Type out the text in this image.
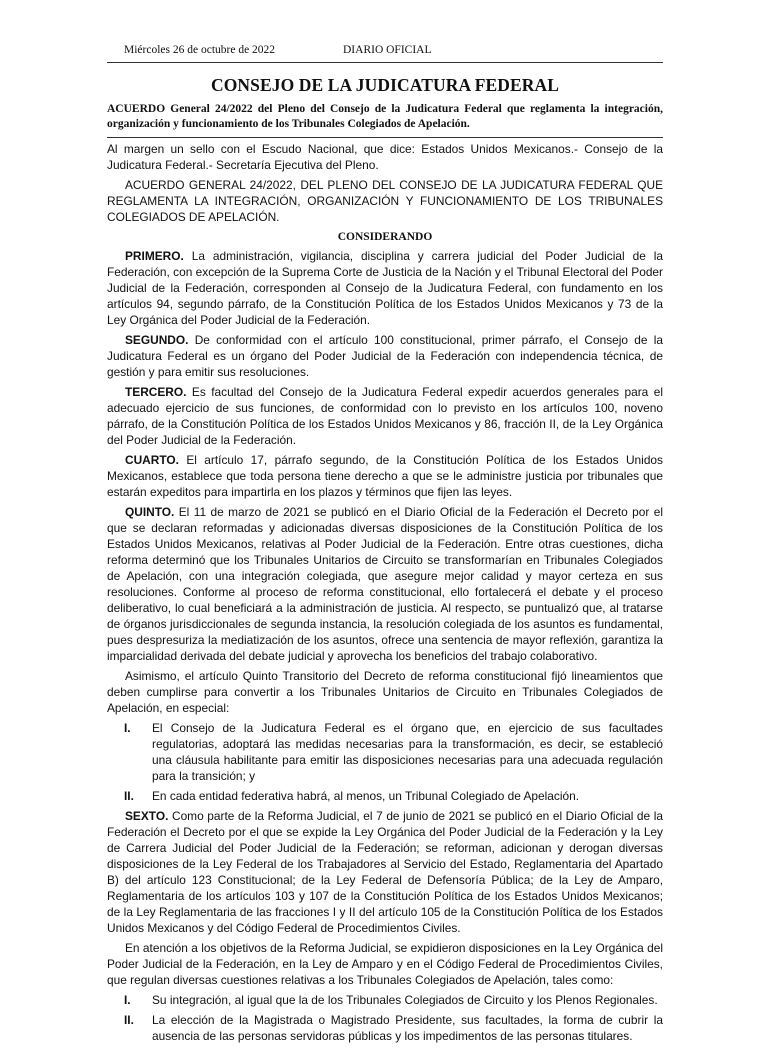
Miércoles 26 de octubre de 2022	DIARIO OFICIAL
CONSEJO DE LA JUDICATURA FEDERAL
ACUERDO General 24/2022 del Pleno del Consejo de la Judicatura Federal que reglamenta la integración, organización y funcionamiento de los Tribunales Colegiados de Apelación.

Al margen un sello con el Escudo Nacional, que dice: Estados Unidos Mexicanos.- Consejo de la Judicatura Federal.- Secretaría Ejecutiva del Pleno.

ACUERDO GENERAL 24/2022, DEL PLENO DEL CONSEJO DE LA JUDICATURA FEDERAL QUE REGLAMENTA LA INTEGRACIÓN, ORGANIZACIÓN Y FUNCIONAMIENTO DE LOS TRIBUNALES COLEGIADOS DE APELACIÓN.

CONSIDERANDO

PRIMERO. La administración, vigilancia, disciplina y carrera judicial del Poder Judicial de la Federación, con excepción de la Suprema Corte de Justicia de la Nación y el Tribunal Electoral del Poder Judicial de la Federación, corresponden al Consejo de la Judicatura Federal, con fundamento en los artículos 94, segundo párrafo, de la Constitución Política de los Estados Unidos Mexicanos y 73 de la Ley Orgánica del Poder Judicial de la Federación.

SEGUNDO. De conformidad con el artículo 100 constitucional, primer párrafo, el Consejo de la Judicatura Federal es un órgano del Poder Judicial de la Federación con independencia técnica, de gestión y para emitir sus resoluciones.

TERCERO. Es facultad del Consejo de la Judicatura Federal expedir acuerdos generales para el adecuado ejercicio de sus funciones, de conformidad con lo previsto en los artículos 100, noveno párrafo, de la Constitución Política de los Estados Unidos Mexicanos y 86, fracción II, de la Ley Orgánica del Poder Judicial de la Federación.

CUARTO. El artículo 17, párrafo segundo, de la Constitución Política de los Estados Unidos Mexicanos, establece que toda persona tiene derecho a que se le administre justicia por tribunales que estarán expeditos para impartirla en los plazos y términos que fijen las leyes.

QUINTO. El 11 de marzo de 2021 se publicó en el Diario Oficial de la Federación el Decreto por el que se declaran reformadas y adicionadas diversas disposiciones de la Constitución Política de los Estados Unidos Mexicanos, relativas al Poder Judicial de la Federación. Entre otras cuestiones, dicha reforma determinó que los Tribunales Unitarios de Circuito se transformarían en Tribunales Colegiados de Apelación, con una integración colegiada, que asegure mejor calidad y mayor certeza en sus resoluciones. Conforme al proceso de reforma constitucional, ello fortalecerá el debate y el proceso deliberativo, lo cual beneficiará a la administración de justicia. Al respecto, se puntualizó que, al tratarse de órganos jurisdiccionales de segunda instancia, la resolución colegiada de los asuntos es fundamental, pues despresuriza la mediatización de los asuntos, ofrece una sentencia de mayor reflexión, garantiza la imparcialidad derivada del debate judicial y aprovecha los beneficios del trabajo colaborativo.

Asimismo, el artículo Quinto Transitorio del Decreto de reforma constitucional fijó lineamientos que deben cumplirse para convertir a los Tribunales Unitarios de Circuito en Tribunales Colegiados de Apelación, en especial:

I.	El Consejo de la Judicatura Federal es el órgano que, en ejercicio de sus facultades regulatorias, adoptará las medidas necesarias para la transformación, es decir, se estableció una cláusula habilitante para emitir las disposiciones necesarias para una adecuada regulación para la transición; y
II.	En cada entidad federativa habrá, al menos, un Tribunal Colegiado de Apelación.

SEXTO. Como parte de la Reforma Judicial, el 7 de junio de 2021 se publicó en el Diario Oficial de la Federación el Decreto por el que se expide la Ley Orgánica del Poder Judicial de la Federación y la Ley de Carrera Judicial del Poder Judicial de la Federación; se reforman, adicionan y derogan diversas disposiciones de la Ley Federal de los Trabajadores al Servicio del Estado, Reglamentaria del Apartado B) del artículo 123 Constitucional; de la Ley Federal de Defensoría Pública; de la Ley de Amparo, Reglamentaria de los artículos 103 y 107 de la Constitución Política de los Estados Unidos Mexicanos; de la Ley Reglamentaria de las fracciones I y II del artículo 105 de la Constitución Política de los Estados Unidos Mexicanos y del Código Federal de Procedimientos Civiles.

En atención a los objetivos de la Reforma Judicial, se expidieron disposiciones en la Ley Orgánica del Poder Judicial de la Federación, en la Ley de Amparo y en el Código Federal de Procedimientos Civiles, que regulan diversas cuestiones relativas a los Tribunales Colegiados de Apelación, tales como:

I.	Su integración, al igual que la de los Tribunales Colegiados de Circuito y los Plenos Regionales.
II.	La elección de la Magistrada o Magistrado Presidente, sus facultades, la forma de cubrir la ausencia de las personas servidoras públicas y los impedimentos de las personas titulares.
